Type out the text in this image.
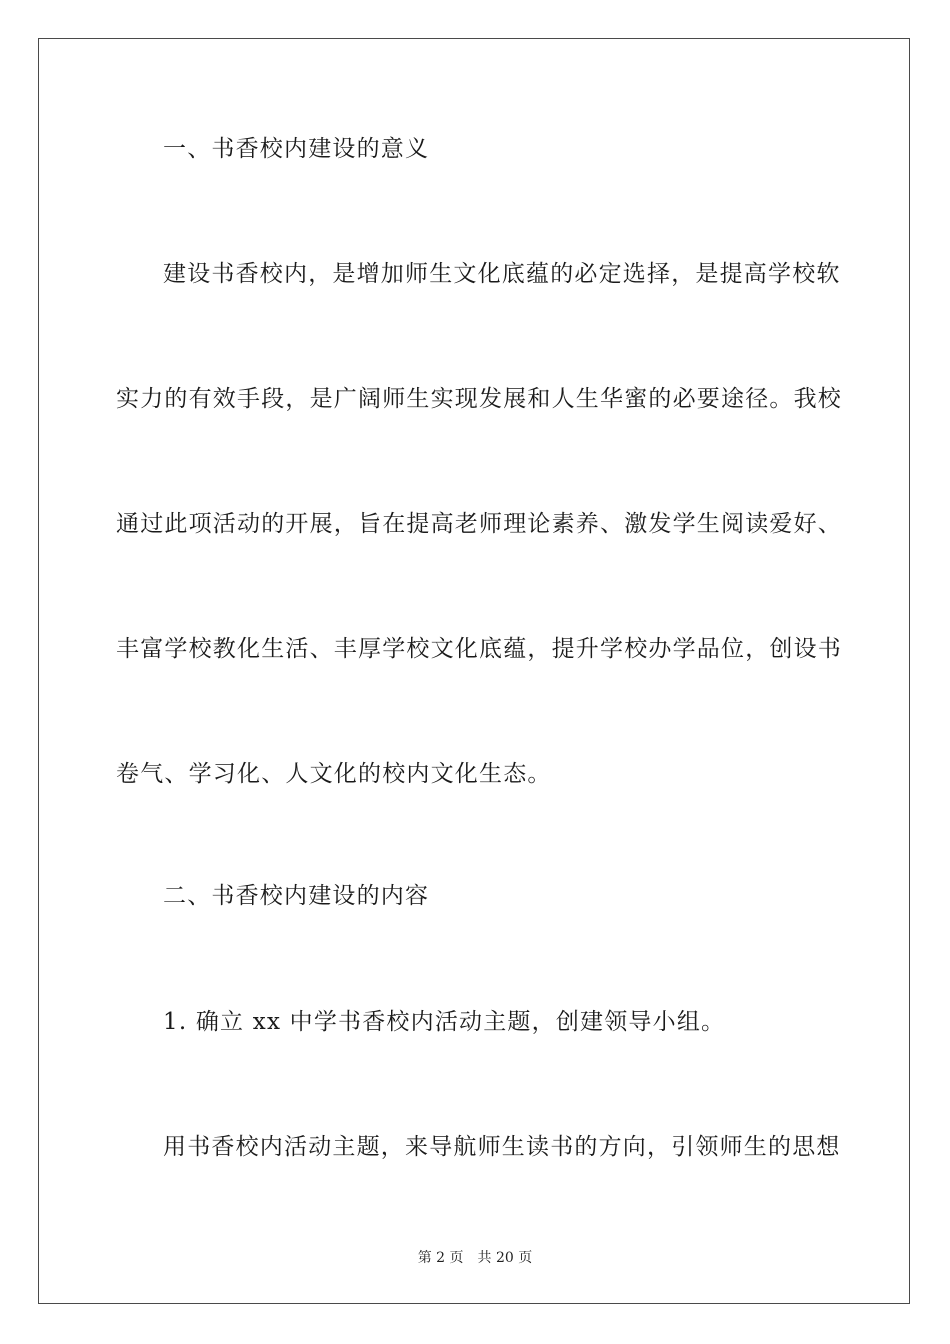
一、书香校内建设的意义
建设书香校内，是增加师生文化底蕴的必定选择，是提高学校软
实力的有效手段，是广阔师生实现发展和人生华蜜的必要途径。我校
通过此项活动的开展，旨在提高老师理论素养、激发学生阅读爱好、
丰富学校教化生活、丰厚学校文化底蕴，提升学校办学品位，创设书
卷气、学习化、人文化的校内文化生态。
二、书香校内建设的内容
1. 确立 xx 中学书香校内活动主题，创建领导小组。
用书香校内活动主题，来导航师生读书的方向，引领师生的思想
第 2 页 共 20 页
